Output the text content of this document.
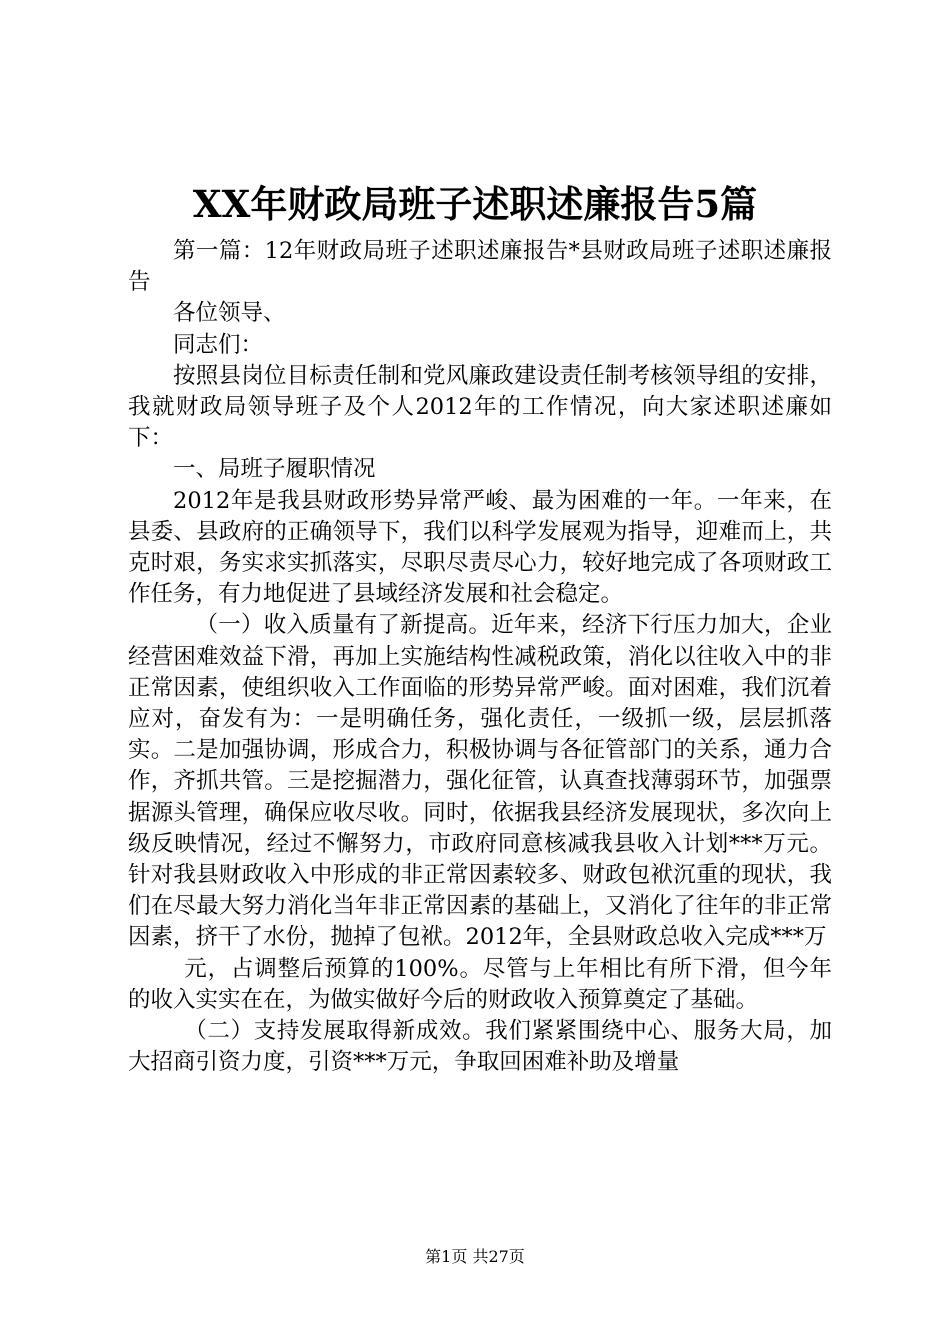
XX年财政局班子述职述廉报告5篇

第一篇：12年财政局班子述职述廉报告*县财政局班子述职述廉报告

各位领导、

同志们：

按照县岗位目标责任制和党风廉政建设责任制考核领导组的安排，我就财政局领导班子及个人2012年的工作情况，向大家述职述廉如下：

一、局班子履职情况

2012年是我县财政形势异常严峻、最为困难的一年。一年来，在县委、县政府的正确领导下，我们以科学发展观为指导，迎难而上，共克时艰，务实求实抓落实，尽职尽责尽心力，较好地完成了各项财政工作任务，有力地促进了县域经济发展和社会稳定。

（一）收入质量有了新提高。近年来，经济下行压力加大，企业经营困难效益下滑，再加上实施结构性减税政策，消化以往收入中的非正常因素，使组织收入工作面临的形势异常严峻。面对困难，我们沉着应对，奋发有为：一是明确任务，强化责任，一级抓一级，层层抓落实。二是加强协调，形成合力，积极协调与各征管部门的关系，通力合作，齐抓共管。三是挖掘潜力，强化征管，认真查找薄弱环节，加强票据源头管理，确保应收尽收。同时，依据我县经济发展现状，多次向上级反映情况，经过不懈努力，市政府同意核减我县收入计划***万元。针对我县财政收入中形成的非正常因素较多、财政包袱沉重的现状，我们在尽最大努力消化当年非正常因素的基础上，又消化了往年的非正常因素，挤干了水份，抛掉了包袱。2012年，全县财政总收入完成***万

元，占调整后预算的100%。尽管与上年相比有所下滑，但今年的收入实实在在，为做实做好今后的财政收入预算奠定了基础。

（二）支持发展取得新成效。我们紧紧围绕中心、服务大局，加大招商引资力度，引资***万元，争取回困难补助及增量

第1页 共27页
